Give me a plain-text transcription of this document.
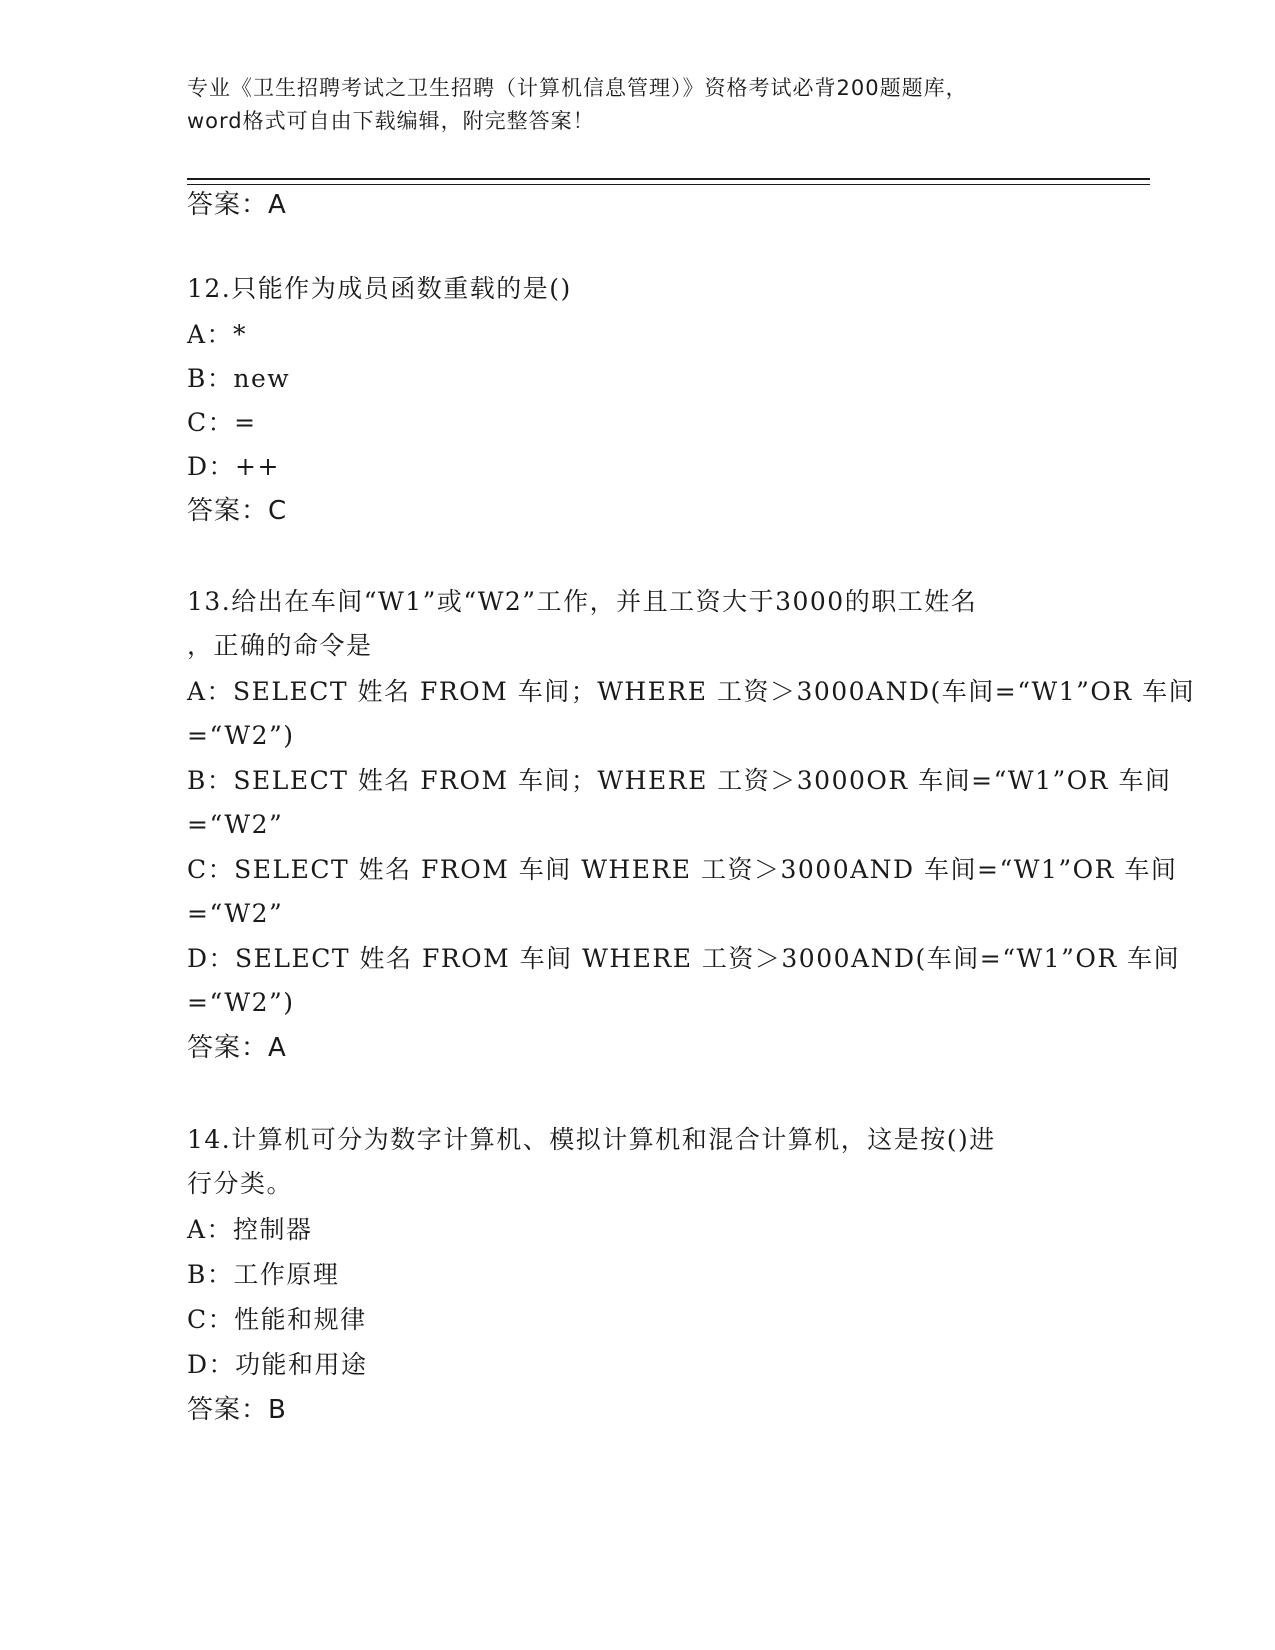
专业《卫生招聘考试之卫生招聘（计算机信息管理）》资格考试必背200题题库，
word格式可自由下载编辑，附完整答案！
答案：A
12.只能作为成员函数重载的是()
A：*
B：new
C：=
D：++
答案：C
13.给出在车间“W1”或“W2”工作，并且工资大于3000的职工姓名
，正确的命令是
A：SELECT 姓名 FROM 车间；WHERE 工资＞3000AND(车间=“W1”OR 车间
=“W2”)
B：SELECT 姓名 FROM 车间；WHERE 工资＞3000OR 车间=“W1”OR 车间
=“W2”
C：SELECT 姓名 FROM 车间 WHERE 工资＞3000AND 车间=“W1”OR 车间
=“W2”
D：SELECT 姓名 FROM 车间 WHERE 工资＞3000AND(车间=“W1”OR 车间
=“W2”)
答案：A
14.计算机可分为数字计算机、模拟计算机和混合计算机，这是按()进
行分类。
A：控制器
B：工作原理
C：性能和规律
D：功能和用途
答案：B
